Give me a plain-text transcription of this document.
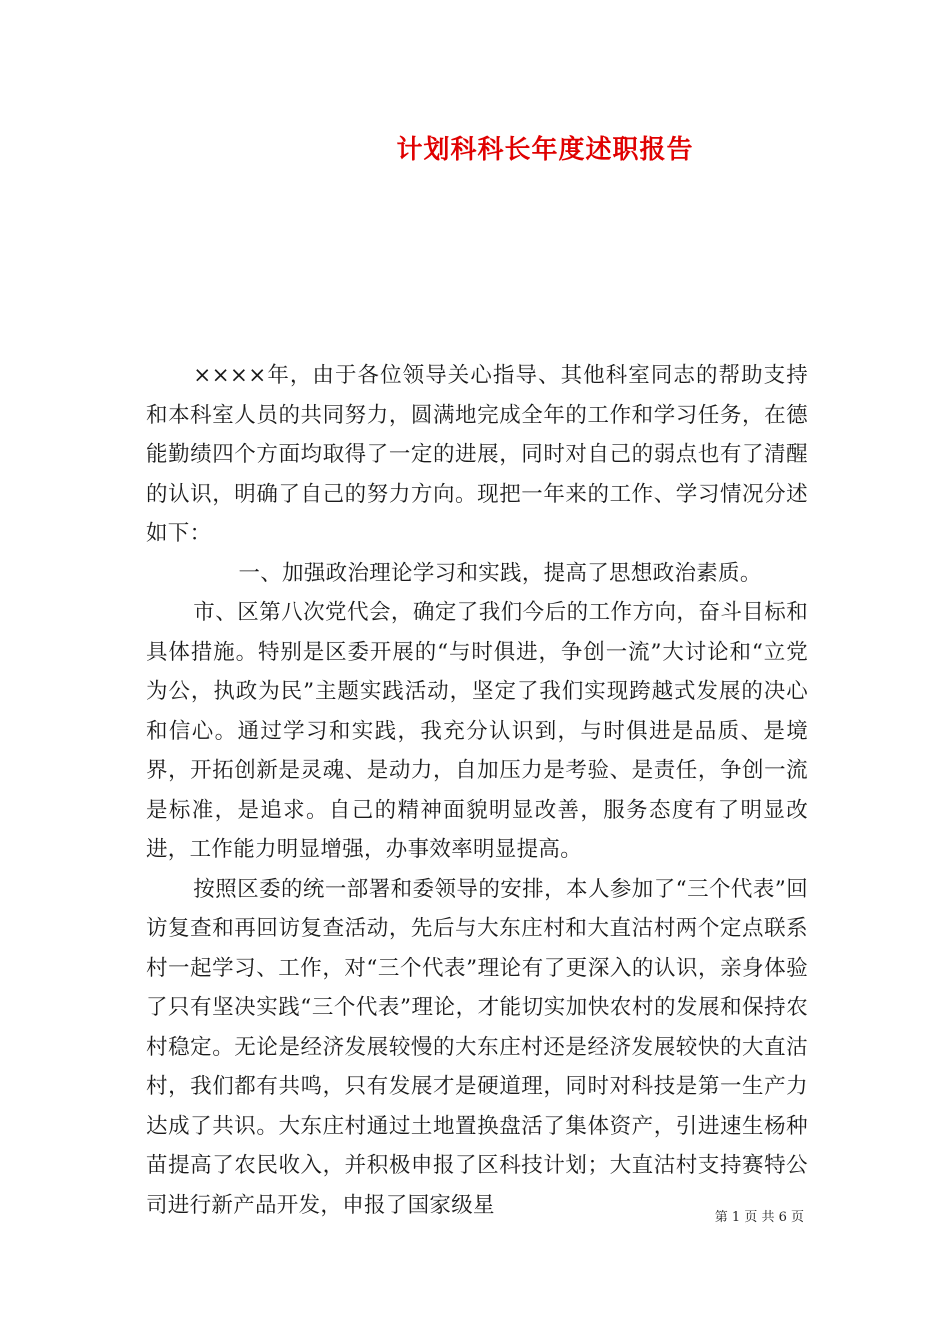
计划科科长年度述职报告

××××年，由于各位领导关心指导、其他科室同志的帮助支持和本科室人员的共同努力，圆满地完成全年的工作和学习任务，在德能勤绩四个方面均取得了一定的进展，同时对自己的弱点也有了清醒的认识，明确了自己的努力方向。现把一年来的工作、学习情况分述如下：

一、加强政治理论学习和实践，提高了思想政治素质。

市、区第八次党代会，确定了我们今后的工作方向，奋斗目标和具体措施。特别是区委开展的“与时俱进，争创一流”大讨论和“立党为公，执政为民”主题实践活动，坚定了我们实现跨越式发展的决心和信心。通过学习和实践，我充分认识到，与时俱进是品质、是境界，开拓创新是灵魂、是动力，自加压力是考验、是责任，争创一流是标准，是追求。自己的精神面貌明显改善，服务态度有了明显改进，工作能力明显增强，办事效率明显提高。

按照区委的统一部署和委领导的安排，本人参加了“三个代表”回访复查和再回访复查活动，先后与大东庄村和大直沽村两个定点联系村一起学习、工作，对“三个代表”理论有了更深入的认识，亲身体验了只有坚决实践“三个代表”理论，才能切实加快农村的发展和保持农村稳定。无论是经济发展较慢的大东庄村还是经济发展较快的大直沽村，我们都有共鸣，只有发展才是硬道理，同时对科技是第一生产力达成了共识。大东庄村通过土地置换盘活了集体资产，引进速生杨种苗提高了农民收入，并积极申报了区科技计划；大直沽村支持赛特公司进行新产品开发，申报了国家级星	第 1 页 共 6 页
